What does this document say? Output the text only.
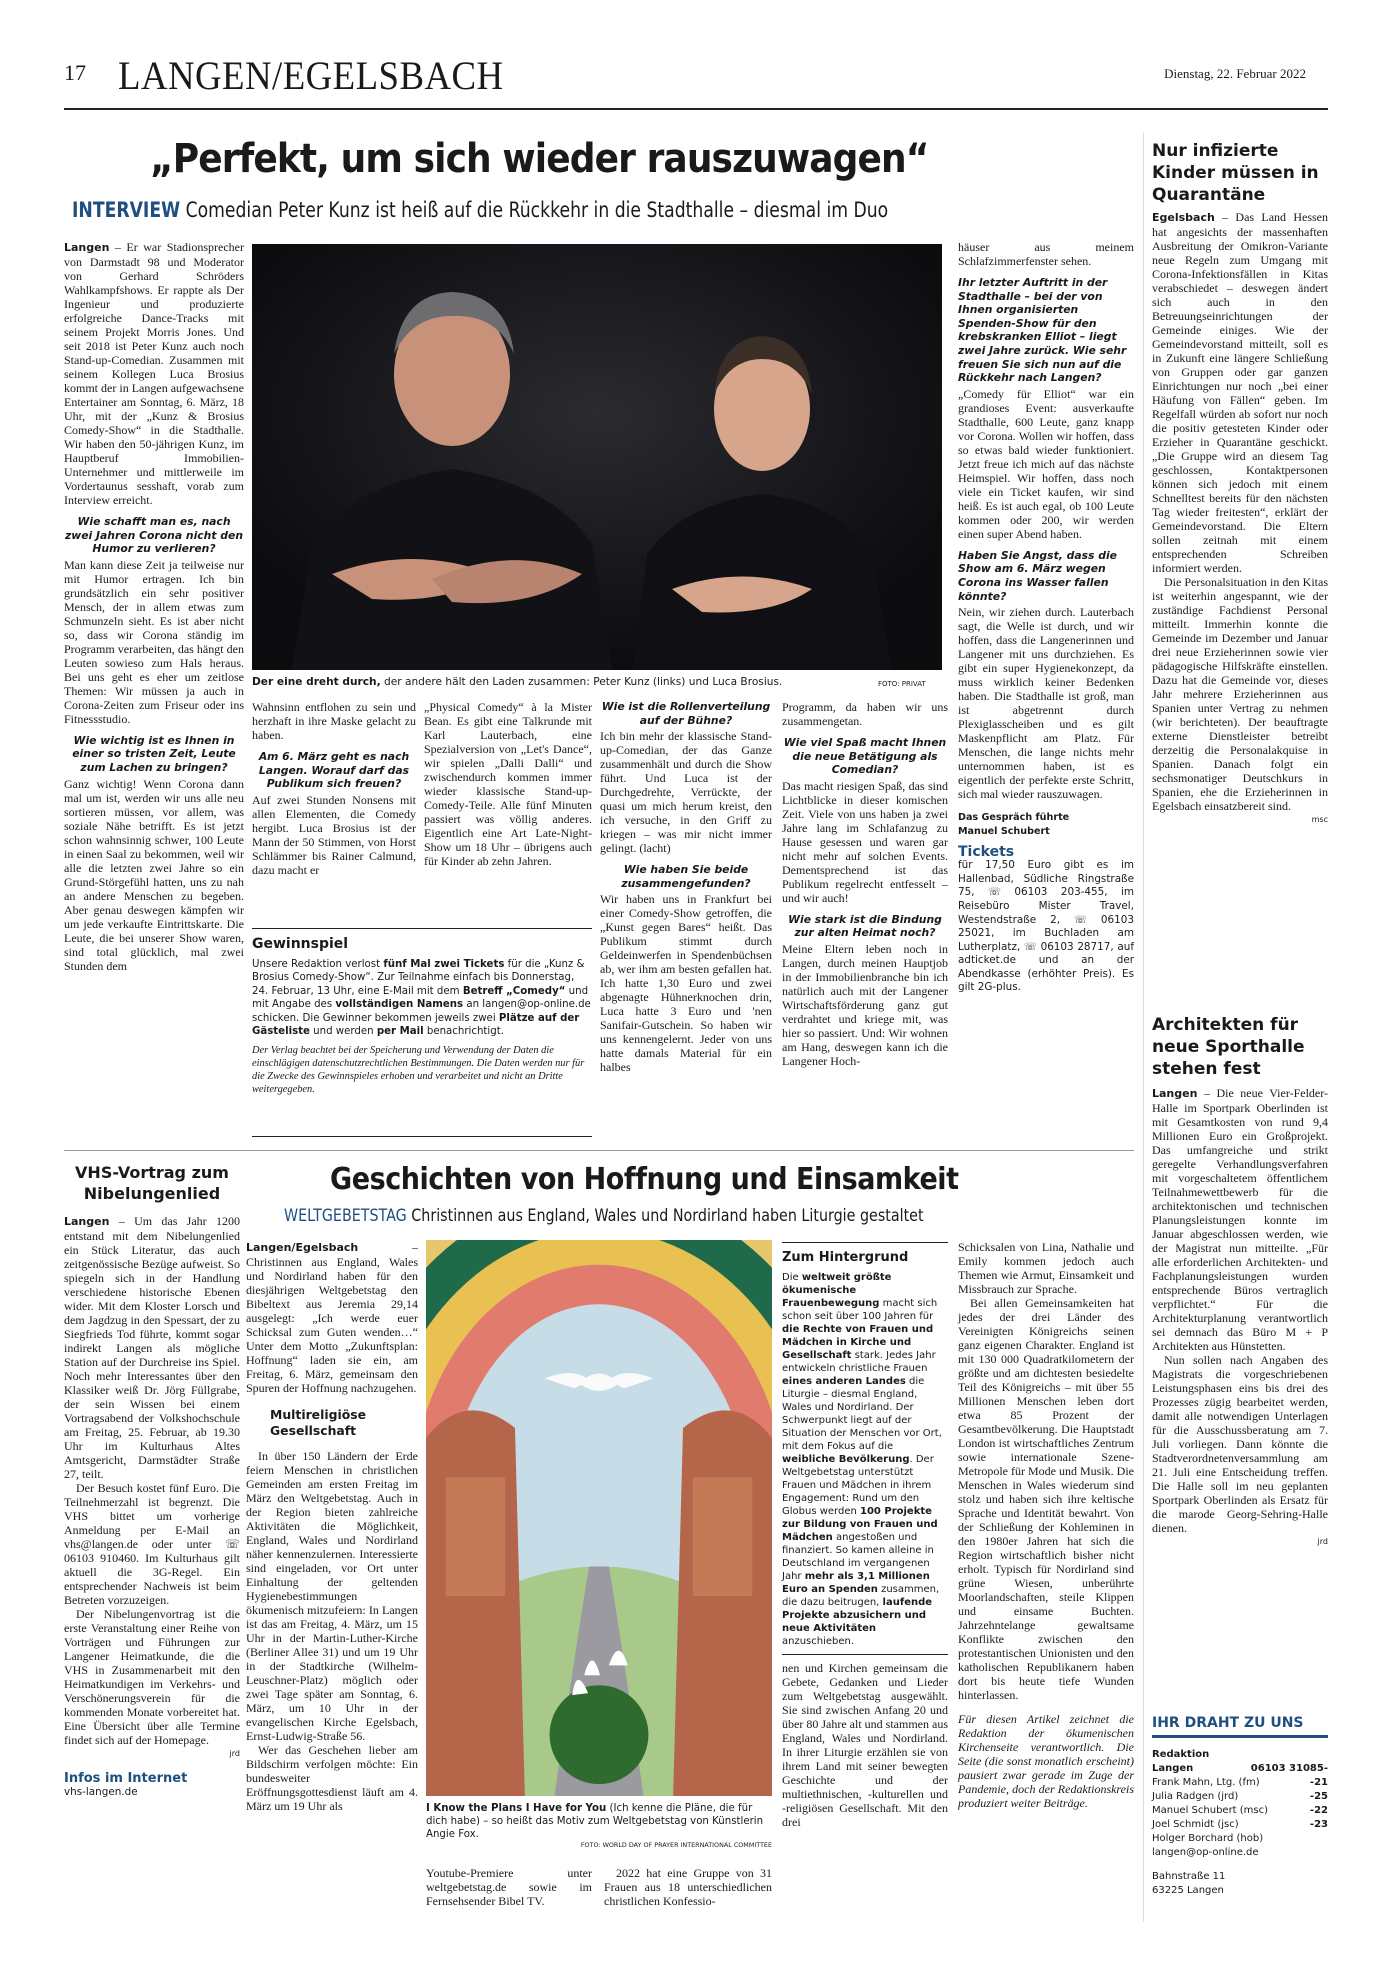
17 LANGEN/EGELSBACH	Dienstag, 22. Februar 2022
„Perfekt, um sich wieder rauszuwagen“
INTERVIEW Comedian Peter Kunz ist heiß auf die Rückkehr in die Stadthalle – diesmal im Duo

Langen – Er war Stadionsprecher von Darmstadt 98 und Moderator von Gerhard Schröders Wahlkampfshows. Er rappte als Der Ingenieur und produzierte erfolgreiche Dance-Tracks mit seinem Projekt Morris Jones. Und seit 2018 ist Peter Kunz auch noch Stand-up-Comedian. Zusammen mit seinem Kollegen Luca Brosius kommt der in Langen aufgewachsene Entertainer am Sonntag, 6. März, 18 Uhr, mit der „Kunz & Brosius Comedy-Show“ in die Stadthalle. Wir haben den 50-jährigen Kunz, im Hauptberuf Immobilien-Unternehmer und mittlerweile im Vordertaunus sesshaft, vorab zum Interview erreicht.

Wie schafft man es, nach zwei Jahren Corona nicht den Humor zu verlieren?

Man kann diese Zeit ja teilweise nur mit Humor ertragen. Ich bin grundsätzlich ein sehr positiver Mensch, der in allem etwas zum Schmunzeln sieht. Es ist aber nicht so, dass wir Corona ständig im Programm verarbeiten, das hängt den Leuten sowieso zum Hals heraus. Bei uns geht es eher um zeitlose Themen: Wir müssen ja auch in Corona-Zeiten zum Friseur oder ins Fitnessstudio.

Wie wichtig ist es Ihnen in einer so tristen Zeit, Leute zum Lachen zu bringen?

Ganz wichtig! Wenn Corona dann mal um ist, werden wir uns alle neu sortieren müssen, vor allem, was soziale Nähe betrifft. Es ist jetzt schon wahnsinnig schwer, 100 Leute in einen Saal zu bekommen, weil wir alle die letzten zwei Jahre so ein Grund-Störgefühl hatten, uns zu nah an andere Menschen zu begeben. Aber genau deswegen kämpfen wir um jede verkaufte Eintrittskarte. Die Leute, die bei unserer Show waren, sind total glücklich, mal zwei Stunden dem

Der eine dreht durch, der andere hält den Laden zusammen: Peter Kunz (links) und Luca Brosius.	FOTO: PRIVAT

Wahnsinn entflohen zu sein und herzhaft in ihre Maske gelacht zu haben.

Am 6. März geht es nach Langen. Worauf darf das Publikum sich freuen?

Auf zwei Stunden Nonsens mit allen Elementen, die Comedy hergibt. Luca Brosius ist der Mann der 50 Stimmen, von Horst Schlämmer bis Rainer Calmund, dazu macht er

„Physical Comedy“ à la Mister Bean. Es gibt eine Talkrunde mit Karl Lauterbach, eine Spezialversion von „Let's Dance“, wir spielen „Dalli Dalli“ und zwischendurch kommen immer wieder klassische Stand-up-Comedy-Teile. Alle fünf Minuten passiert was völlig anderes. Eigentlich eine Art Late-Night-Show um 18 Uhr – übrigens auch für Kinder ab zehn Jahren.

Gewinnspiel

Unsere Redaktion verlost fünf Mal zwei Tickets für die „Kunz & Brosius Comedy-Show“. Zur Teilnahme einfach bis Donnerstag, 24. Februar, 13 Uhr, eine E-Mail mit dem Betreff „Comedy“ und mit Angabe des vollständigen Namens an langen@op-online.de schicken. Die Gewinner bekommen jeweils zwei Plätze auf der Gästeliste und werden per Mail benachrichtigt.

Der Verlag beachtet bei der Speicherung und Verwendung der Daten die einschlägigen datenschutzrechtlichen Bestimmungen. Die Daten werden nur für die Zwecke des Gewinnspieles erhoben und verarbeitet und nicht an Dritte weitergegeben.

Wie ist die Rollenverteilung auf der Bühne?

Ich bin mehr der klassische Stand-up-Comedian, der das Ganze zusammenhält und durch die Show führt. Und Luca ist der Durchgedrehte, Verrückte, der quasi um mich herum kreist, den ich versuche, in den Griff zu kriegen – was mir nicht immer gelingt. (lacht)

Wie haben Sie beide zusammengefunden?

Wir haben uns in Frankfurt bei einer Comedy-Show getroffen, die „Kunst gegen Bares“ heißt. Das Publikum stimmt durch Geldeinwerfen in Spendenbüchsen ab, wer ihm am besten gefallen hat. Ich hatte 1,30 Euro und zwei abgenagte Hühnerknochen drin, Luca hatte 3 Euro und 'nen Sanifair-Gutschein. So haben wir uns kennengelernt. Jeder von uns hatte damals Material für ein halbes

Programm, da haben wir uns zusammengetan.

Wie viel Spaß macht Ihnen die neue Betätigung als Comedian?

Das macht riesigen Spaß, das sind Lichtblicke in dieser komischen Zeit. Viele von uns haben ja zwei Jahre lang im Schlafanzug zu Hause gesessen und waren gar nicht mehr auf solchen Events. Dementsprechend ist das Publikum regelrecht entfesselt – und wir auch!

Wie stark ist die Bindung zur alten Heimat noch?

Meine Eltern leben noch in Langen, durch meinen Hauptjob in der Immobilienbranche bin ich natürlich auch mit der Langener Wirtschaftsförderung ganz gut verdrahtet und kriege mit, was hier so passiert. Und: Wir wohnen am Hang, deswegen kann ich die Langener Hoch-

häuser aus meinem Schlafzimmerfenster sehen.

Ihr letzter Auftritt in der Stadthalle – bei der von Ihnen organisierten Spenden-Show für den krebskranken Elliot – liegt zwei Jahre zurück. Wie sehr freuen Sie sich nun auf die Rückkehr nach Langen?

„Comedy für Elliot“ war ein grandioses Event: ausverkaufte Stadthalle, 600 Leute, ganz knapp vor Corona. Wollen wir hoffen, dass so etwas bald wieder funktioniert. Jetzt freue ich mich auf das nächste Heimspiel. Wir hoffen, dass noch viele ein Ticket kaufen, wir sind heiß. Es ist auch egal, ob 100 Leute kommen oder 200, wir werden einen super Abend haben.

Haben Sie Angst, dass die Show am 6. März wegen Corona ins Wasser fallen könnte?

Nein, wir ziehen durch. Lauterbach sagt, die Welle ist durch, und wir hoffen, dass die Langenerinnen und Langener mit uns durchziehen. Es gibt ein super Hygienekonzept, da muss wirklich keiner Bedenken haben. Die Stadthalle ist groß, man ist abgetrennt durch Plexiglasscheiben und es gilt Maskenpflicht am Platz. Für Menschen, die lange nichts mehr unternommen haben, ist es eigentlich der perfekte erste Schritt, sich mal wieder rauszuwagen.

Das Gespräch führte
Manuel Schubert
Tickets

für 17,50 Euro gibt es im Hallenbad, Südliche Ringstraße 75, ☏ 06103 203-455, im Reisebüro Mister Travel, Westendstraße 2, ☏ 06103 25021, im Buchladen am Lutherplatz, ☏ 06103 28717, auf adticket.de und an der Abendkasse (erhöhter Preis). Es gilt 2G-plus.

Nur infizierte Kinder müssen in Quarantäne

Egelsbach – Das Land Hessen hat angesichts der massenhaften Ausbreitung der Omikron-Variante neue Regeln zum Umgang mit Corona-Infektionsfällen in Kitas verabschiedet – deswegen ändert sich auch in den Betreuungseinrichtungen der Gemeinde einiges. Wie der Gemeindevorstand mitteilt, soll es in Zukunft eine längere Schließung von Gruppen oder gar ganzen Einrichtungen nur noch „bei einer Häufung von Fällen“ geben. Im Regelfall würden ab sofort nur noch die positiv getesteten Kinder oder Erzieher in Quarantäne geschickt. „Die Gruppe wird an diesem Tag geschlossen, Kontaktpersonen können sich jedoch mit einem Schnelltest bereits für den nächsten Tag wieder freitesten“, erklärt der Gemeindevorstand. Die Eltern sollen zeitnah mit einem entsprechenden Schreiben informiert werden.

Die Personalsituation in den Kitas ist weiterhin angespannt, wie der zuständige Fachdienst Personal mitteilt. Immerhin konnte die Gemeinde im Dezember und Januar drei neue Erzieherinnen sowie vier pädagogische Hilfskräfte einstellen. Dazu hat die Gemeinde vor, dieses Jahr mehrere Erzieherinnen aus Spanien unter Vertrag zu nehmen (wir berichteten). Der beauftragte externe Dienstleister betreibt derzeitig die Personalakquise in Spanien. Danach folgt ein sechsmonatiger Deutschkurs in Spanien, ehe die Erzieherinnen in Egelsbach einsatzbereit sind.

msc
Architekten für neue Sporthalle stehen fest

Langen – Die neue Vier-Felder-Halle im Sportpark Oberlinden ist mit Gesamtkosten von rund 9,4 Millionen Euro ein Großprojekt. Das umfangreiche und strikt geregelte Verhandlungsverfahren mit vorgeschaltetem öffentlichem Teilnahmewettbewerb für die architektonischen und technischen Planungsleistungen konnte im Januar abgeschlossen werden, wie der Magistrat nun mitteilte. „Für alle erforderlichen Architekten- und Fachplanungsleistungen wurden entsprechende Büros vertraglich verpflichtet.“ Für die Architekturplanung verantwortlich sei demnach das Büro M + P Architekten aus Hünstetten.

Nun sollen nach Angaben des Magistrats die vorgeschriebenen Leistungsphasen eins bis drei des Prozesses zügig bearbeitet werden, damit alle notwendigen Unterlagen für die Ausschussberatung am 7. Juli vorliegen. Dann könnte die Stadtverordnetenversammlung am 21. Juli eine Entscheidung treffen. Die Halle soll im neu geplanten Sportpark Oberlinden als Ersatz für die marode Georg-Sehring-Halle dienen.

jrd
IHR DRAHT ZU UNS
Redaktion
Langen	06103 31085-
Frank Mahn, Ltg. (fm)	-21
Julia Radgen (jrd)	-25
Manuel Schubert (msc)	-22
Joel Schmidt (jsc)	-23
Holger Borchard (hob)
langen@op-online.de
Bahnstraße 11
63225 Langen
VHS-Vortrag zum Nibelungenlied

Langen – Um das Jahr 1200 entstand mit dem Nibelungenlied ein Stück Literatur, das auch zeitgenössische Bezüge aufweist. So spiegeln sich in der Handlung verschiedene historische Ebenen wider. Mit dem Kloster Lorsch und dem Jagdzug in den Spessart, der zu Siegfrieds Tod führte, kommt sogar indirekt Langen als mögliche Station auf der Durchreise ins Spiel. Noch mehr Interessantes über den Klassiker weiß Dr. Jörg Füllgrabe, der sein Wissen bei einem Vortragsabend der Volkshochschule am Freitag, 25. Februar, ab 19.30 Uhr im Kulturhaus Altes Amtsgericht, Darmstädter Straße 27, teilt.

Der Besuch kostet fünf Euro. Die Teilnehmerzahl ist begrenzt. Die VHS bittet um vorherige Anmeldung per E-Mail an vhs@langen.de oder unter ☏ 06103 910460. Im Kulturhaus gilt aktuell die 3G-Regel. Ein entsprechender Nachweis ist beim Betreten vorzuzeigen.

Der Nibelungenvortrag ist die erste Veranstaltung einer Reihe von Vorträgen und Führungen zur Langener Heimatkunde, die die VHS in Zusammenarbeit mit den Heimatkundigen im Verkehrs- und Verschönerungsverein für die kommenden Monate vorbereitet hat. Eine Übersicht über alle Termine findet sich auf der Homepage.

jrd
Infos im Internet
vhs-langen.de
Geschichten von Hoffnung und Einsamkeit
WELTGEBETSTAG Christinnen aus England, Wales und Nordirland haben Liturgie gestaltet

Langen/Egelsbach	– Christinnen aus England, Wales und Nordirland haben für den diesjährigen Weltgebetstag den Bibeltext aus Jeremia 29,14 ausgelegt: „Ich werde euer Schicksal zum Guten wenden…“ Unter dem Motto „Zukunftsplan: Hoffnung“ laden sie ein, am Freitag, 6. März, gemeinsam den Spuren der Hoffnung nachzugehen.

Multireligiöse Gesellschaft

In über 150 Ländern der Erde feiern Menschen in christlichen Gemeinden am ersten Freitag im März den Weltgebetstag. Auch in der Region bieten zahlreiche Aktivitäten die Möglichkeit, England, Wales und Nordirland näher kennenzulernen. Interessierte sind eingeladen, vor Ort unter Einhaltung der geltenden Hygienebestimmungen ökumenisch mitzufeiern: In Langen ist das am Freitag, 4. März, um 15 Uhr in der Martin-Luther-Kirche (Berliner Allee 31) und um 19 Uhr in der Stadtkirche (Wilhelm-Leuschner-Platz) möglich oder zwei Tage später am Sonntag, 6. März, um 10 Uhr in der evangelischen Kirche Egelsbach, Ernst-Ludwig-Straße 56.

Wer das Geschehen lieber am Bildschirm verfolgen möchte: Ein bundesweiter Eröffnungsgottesdienst läuft am 4. März um 19 Uhr als	I Know the Plans I Have for You (Ich kenne die Pläne, die für dich habe) – so heißt das Motiv zum Weltgebetstag von Künstlerin Angie Fox.
FOTO: WORLD DAY OF PRAYER INTERNATIONAL COMMITTEE

Youtube-Premiere unter weltgebetstag.de sowie im Fernsehsender Bibel TV.

2022 hat eine Gruppe von 31 Frauen aus 18 unterschiedlichen christlichen Konfessio-

Zum Hintergrund

Die weltweit größte ökumenische Frauenbewegung macht sich schon seit über 100 Jahren für die Rechte von Frauen und Mädchen in Kirche und Gesellschaft stark. Jedes Jahr entwickeln christliche Frauen eines anderen Landes die Liturgie – diesmal England, Wales und Nordirland. Der Schwerpunkt liegt auf der Situation der Menschen vor Ort, mit dem Fokus auf die weibliche Bevölkerung. Der Weltgebetstag unterstützt Frauen und Mädchen in ihrem Engagement: Rund um den Globus werden 100 Projekte zur Bildung von Frauen und Mädchen angestoßen und finanziert. So kamen alleine in Deutschland im vergangenen Jahr mehr als 3,1 Millionen Euro an Spenden zusammen, die dazu beitrugen, laufende Projekte abzusichern und neue Aktivitäten anzuschieben.

nen und Kirchen gemeinsam die Gebete, Gedanken und Lieder zum Weltgebetstag ausgewählt. Sie sind zwischen Anfang 20 und über 80 Jahre alt und stammen aus England, Wales und Nordirland. In ihrer Liturgie erzählen sie von ihrem Land mit seiner bewegten Geschichte und der multiethnischen, -kulturellen und -religiösen Gesellschaft. Mit den drei

Schicksalen von Lina, Nathalie und Emily kommen jedoch auch Themen wie Armut, Einsamkeit und Missbrauch zur Sprache.

Bei allen Gemeinsamkeiten hat jedes der drei Länder des Vereinigten Königreichs seinen ganz eigenen Charakter. England ist mit 130 000 Quadratkilometern der größte und am dichtesten besiedelte Teil des Königreichs – mit über 55 Millionen Menschen leben dort etwa 85 Prozent der Gesamtbevölkerung. Die Hauptstadt London ist wirtschaftliches Zentrum sowie internationale Szene-Metropole für Mode und Musik. Die Menschen in Wales wiederum sind stolz und haben sich ihre keltische Sprache und Identität bewahrt. Von der Schließung der Kohleminen in den 1980er Jahren hat sich die Region wirtschaftlich bisher nicht erholt. Typisch für Nordirland sind grüne Wiesen, unberührte Moorlandschaften, steile Klippen und einsame Buchten. Jahrzehntelange gewaltsame Konflikte zwischen den protestantischen Unionisten und den katholischen Republikanern haben dort bis heute tiefe Wunden hinterlassen.

Für diesen Artikel zeichnet die Redaktion der ökumenischen Kirchenseite verantwortlich. Die Seite (die sonst monatlich erscheint) pausiert zwar gerade im Zuge der Pandemie, doch der Redaktionskreis produziert weiter Beiträge.
